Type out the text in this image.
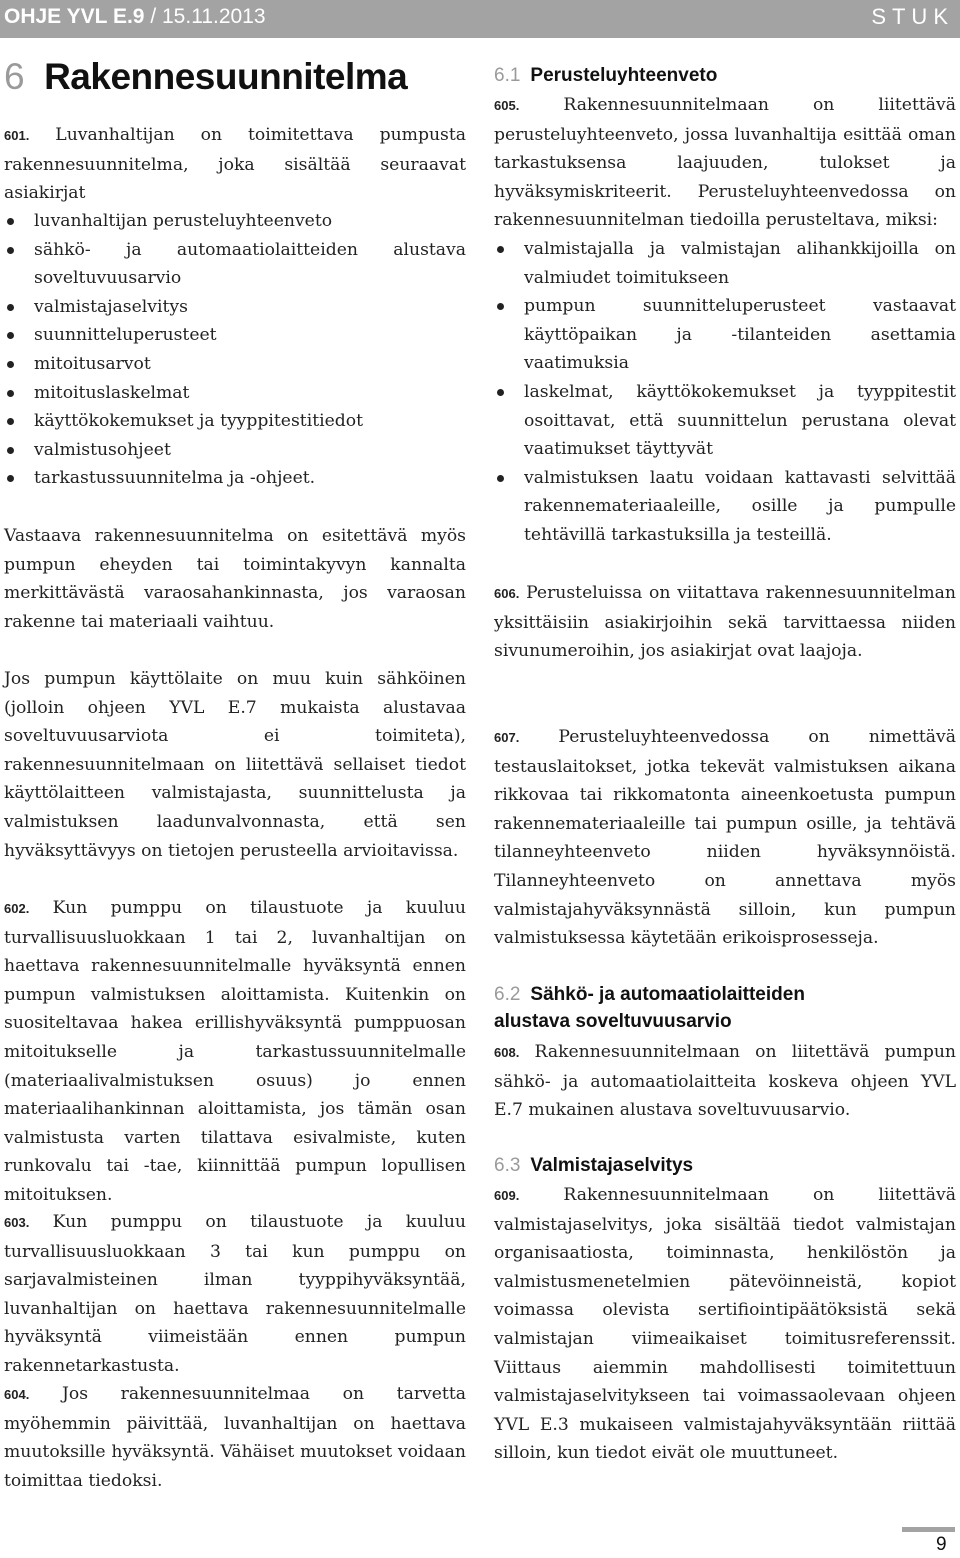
OHJE YVL E.9 / 15.11.2013	STUK
6 Rakennesuunnitelma

601. Luvanhaltijan on toimitettava pumpusta rakennesuunnitelma, joka sisältää seuraavat asiakirjat

luvanhaltijan perusteluyhteenveto
sähkö- ja automaatiolaitteiden alustava soveltuvuusarvio
valmistajaselvitys
suunnitteluperusteet
mitoitusarvot
mitoituslaskelmat
käyttökokemukset ja tyyppitestitiedot
valmistusohjeet
tarkastussuunnitelma ja -ohjeet.

Vastaava rakennesuunnitelma on esitettävä myös pumpun eheyden tai toimintakyvyn kannalta merkittävästä varaosahankinnasta, jos varaosan rakenne tai materiaali vaihtuu.

Jos pumpun käyttölaite on muu kuin sähköinen (jolloin ohjeen YVL E.7 mukaista alustavaa soveltuvuusarviota ei toimiteta), rakennesuunnitelmaan on liitettävä sellaiset tiedot käyttölaitteen valmistajasta, suunnittelusta ja valmistuksen laadunvalvonnasta, että sen hyväksyttävyys on tietojen perusteella arvioitavissa.

602. Kun pumppu on tilaustuote ja kuuluu turvallisuusluokkaan 1 tai 2, luvanhaltijan on haettava rakennesuunnitelmalle hyväksyntä ennen pumpun valmistuksen aloittamista. Kuitenkin on suositeltavaa hakea erillishyväksyntä pumppuosan mitoitukselle ja tarkastussuunnitelmalle (materiaalivalmistuksen osuus) jo ennen materiaalihankinnan aloittamista, jos tämän osan valmistusta varten tilattava esivalmiste, kuten runkovalu tai -tae, kiinnittää pumpun lopullisen mitoituksen.

603. Kun pumppu on tilaustuote ja kuuluu turvallisuusluokkaan 3 tai kun pumppu on sarjavalmisteinen ilman tyyppihyväksyntää, luvanhaltijan on haettava rakennesuunnitelmalle hyväksyntä viimeistään ennen pumpun rakennetarkastusta.

604. Jos rakennesuunnitelmaa on tarvetta myöhemmin päivittää, luvanhaltijan on haettava muutoksille hyväksyntä. Vähäiset muutokset voidaan toimittaa tiedoksi.

6.1 Perusteluyhteenveto

605.	Rakennesuunnitelmaan on liitettävä perusteluyhteenveto, jossa luvanhaltija esittää oman tarkastuksensa laajuuden, tulokset ja hyväksymiskriteerit. Perusteluyhteenvedossa on rakennesuunnitelman tiedoilla perusteltava, miksi:

valmistajalla ja valmistajan alihankkijoilla on valmiudet toimitukseen
pumpun suunnitteluperusteet vastaavat käyttöpaikan ja -tilanteiden asettamia vaatimuksia
laskelmat, käyttökokemukset ja tyyppitestit osoittavat, että suunnittelun perustana olevat vaatimukset täyttyvät
valmistuksen laatu voidaan kattavasti selvittää rakennemateriaaleille, osille ja pumpulle tehtävillä tarkastuksilla ja testeillä.

606. Perusteluissa on viitattava rakennesuunnitelman yksittäisiin asiakirjoihin sekä tarvittaessa niiden sivunumeroihin, jos asiakirjat ovat laajoja.

607. Perusteluyhteenvedossa on nimettävä testauslaitokset, jotka tekevät valmistuksen aikana rikkovaa tai rikkomatonta aineenkoetusta pumpun rakennemateriaaleille tai pumpun osille, ja tehtävä tilanneyhteenveto niiden hyväksynnöistä. Tilanneyhteenveto on annettava myös valmistajahyväksynnästä silloin, kun pumpun valmistuksessa käytetään erikoisprosesseja.

6.2 Sähkö- ja automaatiolaitteiden alustava soveltuvuusarvio

608. Rakennesuunnitelmaan on liitettävä pumpun sähkö- ja automaatiolaitteita koskeva ohjeen YVL E.7 mukainen alustava soveltuvuusarvio.

6.3 Valmistajaselvitys

609.	Rakennesuunnitelmaan on liitettävä valmistajaselvitys, joka sisältää tiedot valmistajan organisaatiosta, toiminnasta, henkilöstön ja valmistusmenetelmien pätevöinneistä, kopiot voimassa olevista sertifiointipäätöksistä sekä valmistajan viimeaikaiset toimitusreferenssit. Viittaus aiemmin mahdollisesti toimitettuun valmistajaselvitykseen tai voimassaolevaan ohjeen YVL E.3 mukaiseen valmistajahyväksyntään riittää silloin, kun tiedot eivät ole muuttuneet.

9
